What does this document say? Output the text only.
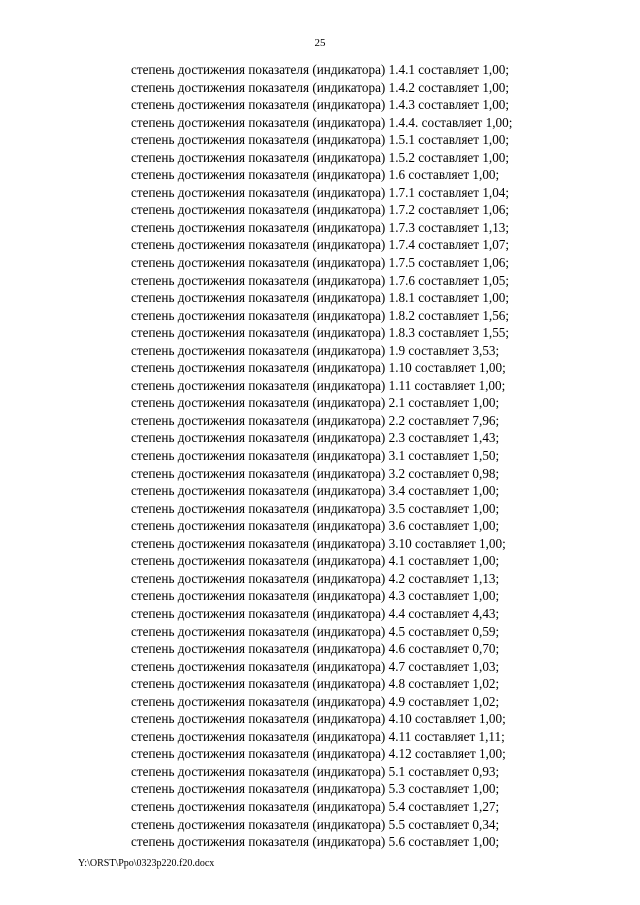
25
степень достижения показателя (индикатора) 1.4.1 составляет 1,00;
степень достижения показателя (индикатора) 1.4.2 составляет 1,00;
степень достижения показателя (индикатора) 1.4.3 составляет 1,00;
степень достижения показателя (индикатора) 1.4.4. составляет 1,00;
степень достижения показателя (индикатора) 1.5.1 составляет 1,00;
степень достижения показателя (индикатора) 1.5.2 составляет 1,00;
степень достижения показателя (индикатора) 1.6 составляет 1,00;
степень достижения показателя (индикатора) 1.7.1 составляет 1,04;
степень достижения показателя (индикатора) 1.7.2 составляет 1,06;
степень достижения показателя (индикатора) 1.7.3 составляет 1,13;
степень достижения показателя (индикатора) 1.7.4 составляет 1,07;
степень достижения показателя (индикатора) 1.7.5 составляет 1,06;
степень достижения показателя (индикатора) 1.7.6 составляет 1,05;
степень достижения показателя (индикатора) 1.8.1 составляет 1,00;
степень достижения показателя (индикатора) 1.8.2 составляет 1,56;
степень достижения показателя (индикатора) 1.8.3 составляет 1,55;
степень достижения показателя (индикатора) 1.9 составляет 3,53;
степень достижения показателя (индикатора) 1.10 составляет 1,00;
степень достижения показателя (индикатора) 1.11 составляет 1,00;
степень достижения показателя (индикатора) 2.1 составляет 1,00;
степень достижения показателя (индикатора) 2.2 составляет 7,96;
степень достижения показателя (индикатора) 2.3 составляет 1,43;
степень достижения показателя (индикатора) 3.1 составляет 1,50;
степень достижения показателя (индикатора) 3.2 составляет 0,98;
степень достижения показателя (индикатора) 3.4 составляет 1,00;
степень достижения показателя (индикатора) 3.5 составляет 1,00;
степень достижения показателя (индикатора) 3.6 составляет 1,00;
степень достижения показателя (индикатора) 3.10 составляет 1,00;
степень достижения показателя (индикатора) 4.1 составляет 1,00;
степень достижения показателя (индикатора) 4.2 составляет 1,13;
степень достижения показателя (индикатора) 4.3 составляет 1,00;
степень достижения показателя (индикатора) 4.4 составляет 4,43;
степень достижения показателя (индикатора) 4.5 составляет 0,59;
степень достижения показателя (индикатора) 4.6 составляет 0,70;
степень достижения показателя (индикатора) 4.7 составляет 1,03;
степень достижения показателя (индикатора) 4.8 составляет 1,02;
степень достижения показателя (индикатора) 4.9 составляет 1,02;
степень достижения показателя (индикатора) 4.10 составляет 1,00;
степень достижения показателя (индикатора) 4.11 составляет 1,11;
степень достижения показателя (индикатора) 4.12 составляет 1,00;
степень достижения показателя (индикатора) 5.1 составляет 0,93;
степень достижения показателя (индикатора) 5.3 составляет 1,00;
степень достижения показателя (индикатора) 5.4 составляет 1,27;
степень достижения показателя (индикатора) 5.5 составляет 0,34;
степень достижения показателя (индикатора) 5.6 составляет 1,00;
Y:\ORST\Ppo\0323p220.f20.docx
